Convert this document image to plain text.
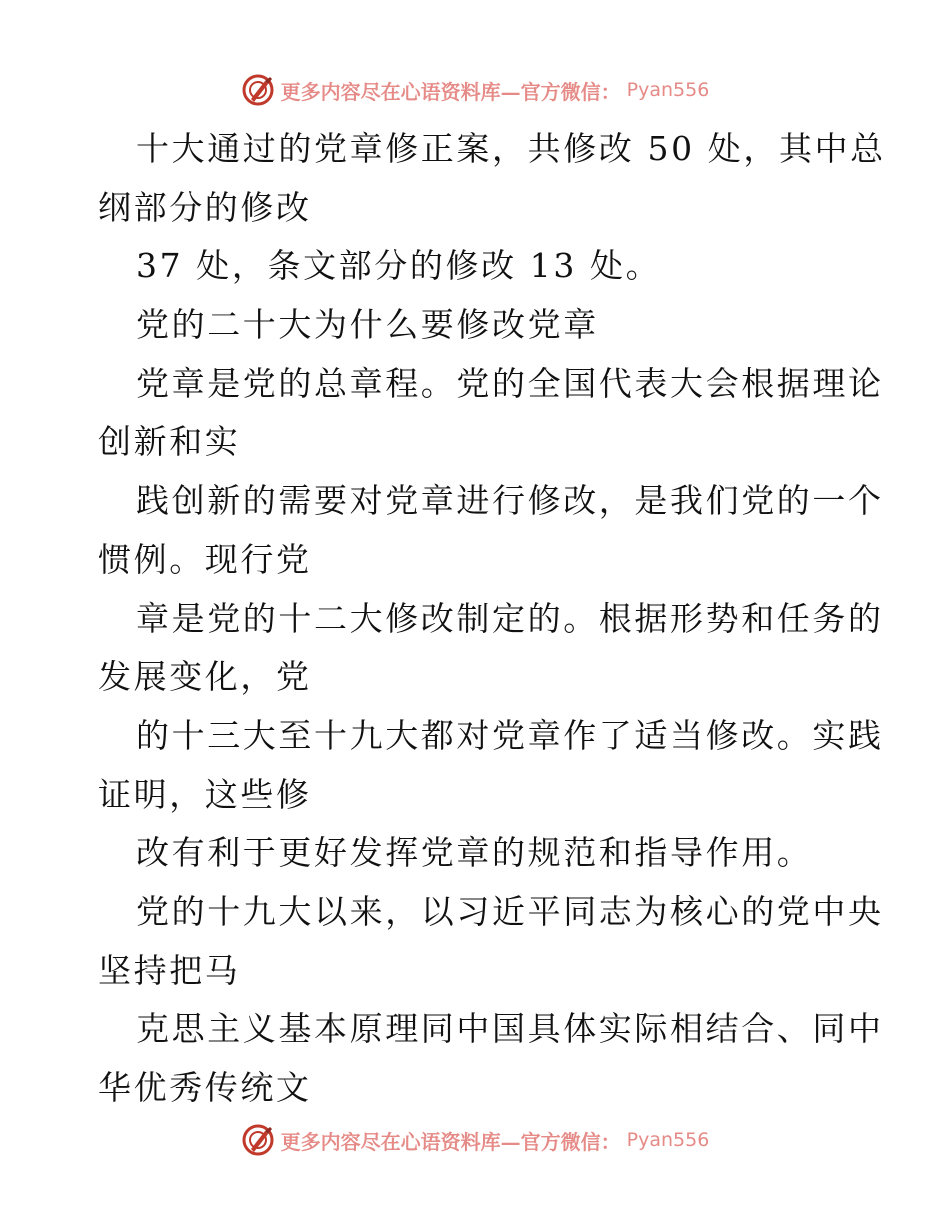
更多内容尽在心语资料库—官方微信： Pyan556
十大通过的党章修正案，共修改 50 处，其中总
纲部分的修改
37 处，条文部分的修改 13 处。
党的二十大为什么要修改党章
党章是党的总章程。党的全国代表大会根据理论
创新和实
践创新的需要对党章进行修改，是我们党的一个
惯例。现行党
章是党的十二大修改制定的。根据形势和任务的
发展变化，党
的十三大至十九大都对党章作了适当修改。实践
证明，这些修
改有利于更好发挥党章的规范和指导作用。
党的十九大以来，以习近平同志为核心的党中央
坚持把马
克思主义基本原理同中国具体实际相结合、同中
华优秀传统文
更多内容尽在心语资料库—官方微信： Pyan556
